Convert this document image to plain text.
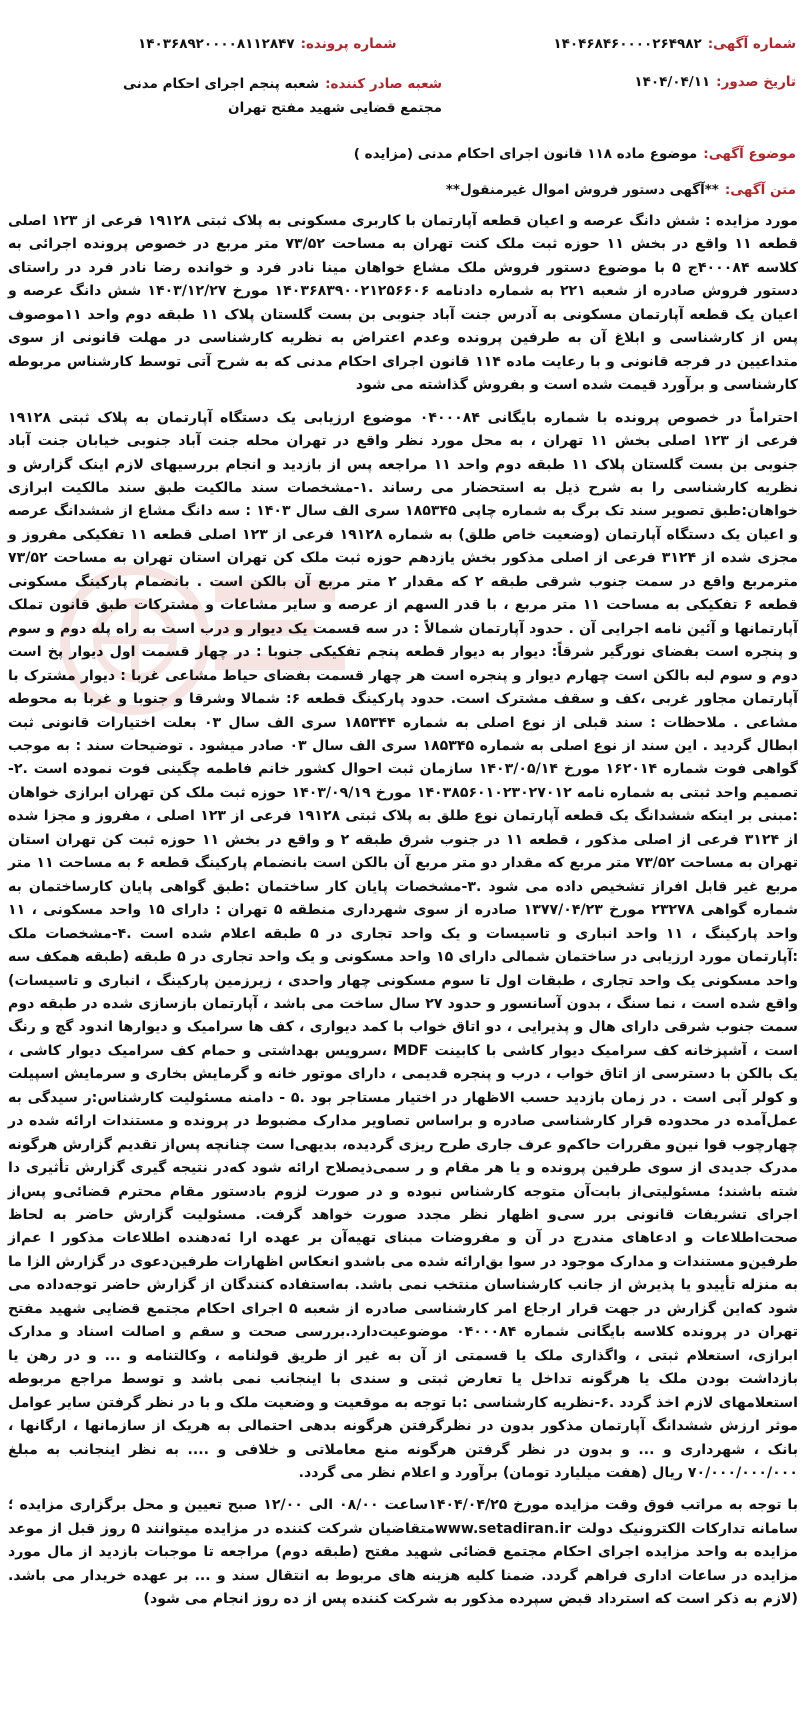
شماره آگهی:۱۴۰۴۶۸۴۶۰۰۰۰۲۶۴۹۸۲
شماره پرونده:۱۴۰۳۶۸۹۲۰۰۰۰۸۱۱۲۸۴۷
تاریخ صدور:۱۴۰۴/۰۴/۱۱
شعبه صادر کننده:شعبه پنجم اجرای احکام مدنی مجتمع قضایی شهید مفتح تهران
موضوع آگهی:موضوع ماده ۱۱۸ قانون اجرای احکام مدنی (مزایده )
متن آگهی:**آگهی دستور فروش اموال غیرمنقول**

مورد مزایده : شش دانگ عرصه و اعیان قطعه آپارتمان با کاربری مسکونی به پلاک ثبتی ۱۹۱۲۸ فرعی از ۱۲۳ اصلی قطعه ۱۱ واقع در بخش ۱۱ حوزه ثبت ملک کنت تهران به مساحت ۷۳/۵۲ متر مربع در خصوص پرونده اجرائی به کلاسه ۴۰۰۰۸۴ج ۵ با موضوع دستور فروش ملک مشاع خواهان مینا نادر فرد و خوانده رضا نادر فرد در راستای دستور فروش صادره از شعبه ۲۲۱ به شماره دادنامه ۱۴۰۳۶۸۳۹۰۰۲۱۲۵۶۶۰۶ مورخ ۱۴۰۳/۱۲/۲۷ شش دانگ عرصه و اعیان یک قطعه آپارتمان مسکونی به آدرس جنت آباد جنوبی بن بست گلستان پلاک ۱۱ طبقه دوم واحد ۱۱موصوف پس از کارشناسی و ابلاغ آن به طرفین پرونده وعدم اعتراض به نظریه کارشناسی در مهلت قانونی از سوی متداعیین در فرجه قانونی و با رعایت ماده ۱۱۴ قانون اجرای احکام مدنی که به شرح آتی توسط کارشناس مربوطه کارشناسی و برآورد قیمت شده است و بفروش گذاشته می شود

احتراماً در خصوص پرونده با شماره بایگانی ۰۴۰۰۰۸۴ موضوع ارزیابی یک دستگاه آپارتمان به پلاک ثبتی ۱۹۱۲۸ فرعی از ۱۲۳ اصلی بخش ۱۱ تهران ، به محل مورد نظر واقع در تهران محله جنت آباد جنوبی خیابان جنت آباد جنوبی بن بست گلستان پلاک ۱۱ طبقه دوم واحد ۱۱ مراجعه پس از بازدید و انجام بررسیهای لازم اینک گزارش و نظریه کارشناسی را به شرح ذیل به استحضار می رساند .۱-مشخصات سند مالکیت طبق سند مالکیت ابرازی خواهان:طبق تصویر سند تک برگ به شماره چاپی ۱۸۵۳۴۵ سری الف سال ۱۴۰۳ : سه دانگ مشاع از ششدانگ عرصه و اعیان یک دستگاه آپارتمان (وضعیت خاص طلق) به شماره ۱۹۱۲۸ فرعی از ۱۲۳ اصلی قطعه ۱۱ تفکیکی مفروز و مجزی شده از ۳۱۲۴ فرعی از اصلی مذکور بخش یازدهم حوزه ثبت ملک کن تهران استان تهران به مساحت ۷۳/۵۲ مترمربع واقع در سمت جنوب شرقی طبقه ۲ که مقدار ۲ متر مربع آن بالکن است . بانضمام پارکینگ مسکونی قطعه ۶ تفکیکی به مساحت ۱۱ متر مربع ، با قدر السهم از عرصه و سایر مشاعات و مشترکات طبق قانون تملک آپارتمانها و آئین نامه اجرایی آن . حدود آپارتمان شمالاً : در سه قسمت یک دیوار و درب است به راه پله دوم و سوم و پنجره است بفضای نورگیر شرقاً: دیوار به دیوار قطعه پنجم تفکیکی جنوبا : در چهار قسمت اول دیوار پخ است دوم و سوم لبه بالکن است چهارم دیوار و پنجره است هر چهار قسمت بفضای حیاط مشاعی غربا : دیوار مشترک با آپارتمان مجاور غربی ،کف و سقف مشترک است. حدود پارکینگ قطعه ۶: شمالا وشرقا و جنوبا و غربا به محوطه مشاعی . ملاحظات : سند قبلی از نوع اصلی به شماره ۱۸۵۳۴۴ سری الف سال ۰۳ بعلت اختیارات قانونی ثبت ابطال گردید . این سند از نوع اصلی به شماره ۱۸۵۳۴۵ سری الف سال ۰۳ صادر میشود . توضیحات سند : به موجب گواهی فوت شماره ۱۶۲۰۱۴ مورخ ۱۴۰۳/۰۵/۱۴ سازمان ثبت احوال کشور خانم فاطمه چگینی فوت نموده است .۲-تصمیم واحد ثبتی به شماره نامه ۱۴۰۳۸۵۶۰۱۰۲۳۰۲۷۰۱۲ مورخ ۱۴۰۳/۰۹/۱۹ حوزه ثبت ملک کن تهران ابرازی خواهان :مبنی بر اینکه ششدانگ یک قطعه آپارتمان نوع طلق به پلاک ثبتی ۱۹۱۲۸ فرعی از ۱۲۳ اصلی ، مفروز و مجزا شده از ۳۱۲۴ فرعی از اصلی مذکور ، قطعه ۱۱ در جنوب شرق طبقه ۲ و واقع در بخش ۱۱ حوزه ثبت کن تهران استان تهران به مساحت ۷۳/۵۲ متر مربع که مقدار دو متر مربع آن بالکن است بانضمام پارکینگ قطعه ۶ به مساحت ۱۱ متر مربع غیر قابل افراز تشخیص داده می شود .۳-مشخصات پایان کار ساختمان :طبق گواهی پایان کارساختمان به شماره گواهی ۲۳۲۷۸ مورخ ۱۳۷۷/۰۴/۲۳ صادره از سوی شهرداری منطقه ۵ تهران : دارای ۱۵ واحد مسکونی ، ۱۱ واحد پارکینگ ، ۱۱ واحد انباری و تاسیسات و یک واحد تجاری در ۵ طبقه اعلام شده است .۴-مشخصات ملک :آپارتمان مورد ارزیابی در ساختمان شمالی دارای ۱۵ واحد مسکونی و یک واحد تجاری در ۵ طبقه (طبقه همکف سه واحد مسکونی یک واحد تجاری ، طبقات اول تا سوم مسکونی چهار واحدی ، زیرزمین پارکینگ ، انباری و تاسیسات) واقع شده است ، نما سنگ ، بدون آسانسور و حدود ۲۷ سال ساخت می باشد ، آپارتمان بازسازی شده در طبقه دوم سمت جنوب شرقی دارای هال و پذیرایی ، دو اتاق خواب با کمد دیواری ، کف ها سرامیک و دیوارها اندود گچ و رنگ است ، آشپزخانه کف سرامیک دیوار کاشی با کابینت MDF ،سرویس بهداشتی و حمام کف سرامیک دیوار کاشی ، یک بالکن با دسترسی از اتاق خواب ، درب و پنجره قدیمی ، دارای موتور خانه و گرمایش بخاری و سرمایش اسپیلت و کولر آبی است . در زمان بازدید حسب الاظهار در اختیار مستاجر بود .۵ - دامنه مسئولیت کارشناس:ر سیدگی به عمل‌آمده در محدوده قرار کارشناسی صادره و براساس تصاویر مدارک مضبوط در پرونده و مستندات ارائه شده در چهارچوب قوا نین‌و مقررات حاکم‌و عرف جاری طرح ریزی گردیده، بدیهی‌ا ست چنانچه پس‌از تقدیم گزارش هرگونه مدرک جدیدی از سوی طرفین پرونده و یا هر مقام و ر سمی‌ذیصلاح ارائه شود که‌در نتیجه گیری گزارش تأثیری دا شته باشند؛ مسئولیتی‌از بابت‌آن متوجه کارشناس نبوده و در صورت لزوم بادستور مقام محترم قضائی‌و پس‌از اجرای تشریفات قانونی برر سی‌و اظهار نظر مجدد صورت خواهد گرفت. مسئولیت گزارش حاضر به لحاظ صحت‌اطلاعات و ادعاهای مندرج در آن و مفروضات مبنای تهیه‌آن بر عهده ارا ئه‌دهنده اطلاعات مذکور ا عم‌از طرفین‌و مستندات و مدارک موجود در سوا بق‌ارائه شده می باشدو انعکاس اظهارات طرفین‌دعوی در گزارش الزا ما به منزله تأییدو یا پذیرش از جانب کارشناسان منتخب نمی باشد. به‌استفاده کنندگان از گزارش حاضر توجه‌داده می شود که‌این گزارش در جهت قرار ارجاع امر کارشناسی صادره از شعبه ۵ اجرای احکام مجتمع قضایی شهید مفتح تهران در پرونده کلاسه بایگانی شماره ۰۴۰۰۰۸۴ موضوعیت‌دارد.بررسی صحت و سقم و اصالت اسناد و مدارک ابرازی، استعلام ثبتی ، واگذاری ملک یا قسمتی از آن به غیر از طریق قولنامه ، وکالتنامه و ... و در رهن یا بازداشت بودن ملک یا هرگونه تداخل یا تعارض ثبتی و سندی با اینجانب نمی باشد و توسط مراجع مربوطه استعلامهای لازم اخذ گردد .۶-نظریه کارشناسی :با توجه به موقعیت و وضعیت ملک و با در نظر گرفتن سایر عوامل موثر ارزش ششدانگ آپارتمان مذکور بدون در نظرگرفتن هرگونه بدهی احتمالی به هریک از سازمانها ، ارگانها ، بانک ، شهرداری و ... و بدون در نظر گرفتن هرگونه منع معاملاتی و خلافی و .... به نظر اینجانب به مبلغ ۷۰/۰۰۰/۰۰۰/۰۰۰ ریال (هفت میلیارد تومان) برآورد و اعلام نظر می گردد.

با توجه به مراتب فوق وقت مزایده مورخ ۱۴۰۴/۰۴/۲۵ساعت ۰۸/۰۰ الی ۱۲/۰۰ صبح تعیین و محل برگزاری مزایده ؛سامانه تدارکات الکترونیک دولت www.setadiran.irمتقاضیان شرکت کننده در مزایده میتوانند ۵ روز قبل از موعد مزایده به واحد مزایده اجرای احکام مجتمع قضائی شهید مفتح (طبقه دوم) مراجعه تا موجبات بازدید از مال مورد مزایده در ساعات اداری فراهم گردد. ضمنا کلیه هزینه های مربوط به انتقال سند و ... بر عهده خریدار می باشد.(لازم به ذکر است که استرداد قبض سپرده مذکور به شرکت کننده پس از ده روز انجام می شود)
